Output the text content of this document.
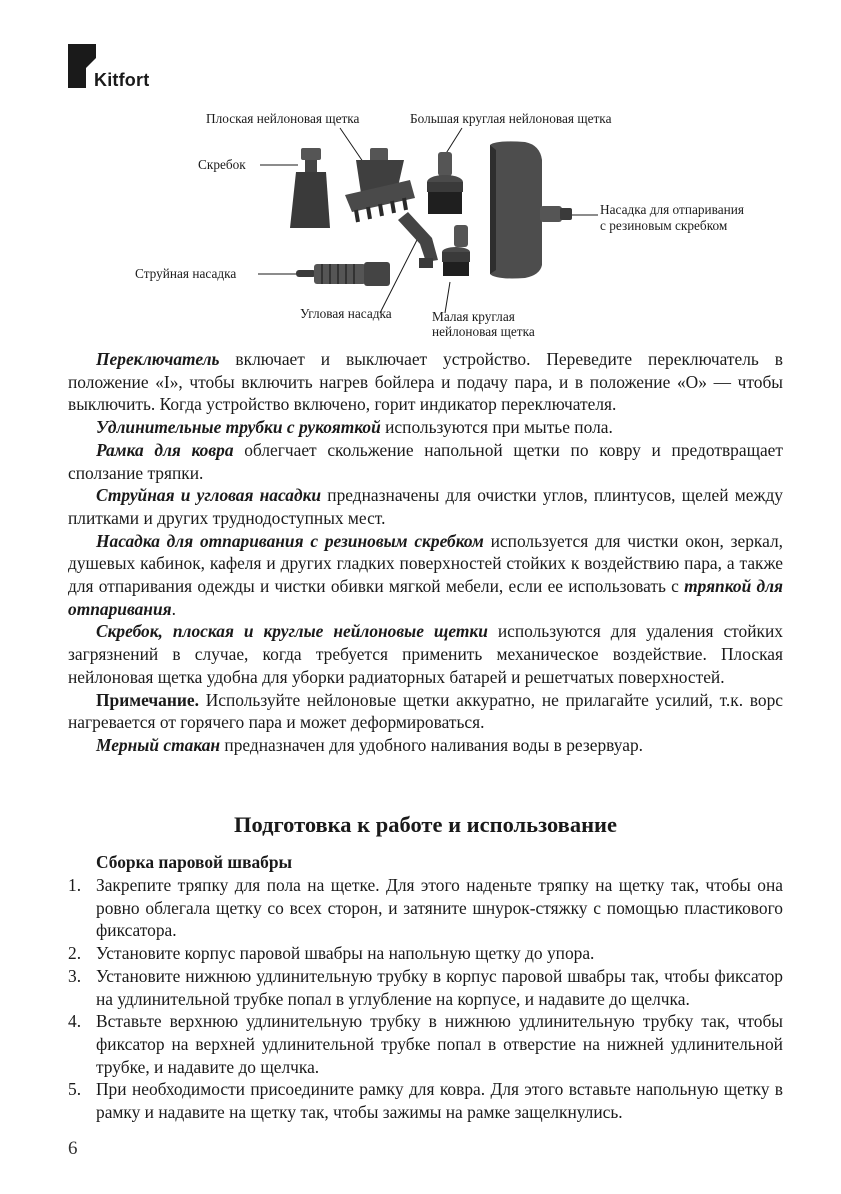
Kitfort
Плоская нейлоновая щетка	Большая круглая нейлоновая щетка
Скребок
Насадка для отпаривания
с резиновым скребком
Струйная насадка
Угловая насадка	Малая круглая
нейлоновая щетка

Переключатель включает и выключает устройство. Переведите переключатель в положение «I», чтобы включить нагрев бойлера и подачу пара, и в положение «O» — чтобы выключить. Когда устройство включено, горит индикатор переключателя.

Удлинительные трубки с рукояткой используются при мытье пола.

Рамка для ковра облегчает скольжение напольной щетки по ковру и предотвращает сползание тряпки.

Струйная и угловая насадки предназначены для очистки углов, плинтусов, щелей между плитками и других труднодоступных мест.

Насадка для отпаривания с резиновым скребком используется для чистки окон, зеркал, душевых кабинок, кафеля и других гладких поверхностей стойких к воздействию пара, а также для отпаривания одежды и чистки обивки мягкой мебели, если ее использовать с тряпкой для отпаривания.

Скребок, плоская и круглые нейлоновые щетки используются для удаления стойких загрязнений в случае, когда требуется применить механическое воздействие. Плоская нейлоновая щетка удобна для уборки радиаторных батарей и решетчатых поверхностей.

Примечание. Используйте нейлоновые щетки аккуратно, не прилагайте усилий, т.к. ворс нагревается от горячего пара и может деформироваться.

Мерный стакан предназначен для удобного наливания воды в резервуар.

Подготовка к работе и использование
Сборка паровой швабры
1. Закрепите тряпку для пола на щетке. Для этого наденьте тряпку на щетку так, чтобы она ровно облегала щетку со всех сторон, и затяните шнурок-стяжку с помощью пластикового фиксатора.
2. Установите корпус паровой швабры на напольную щетку до упора.
3. Установите нижнюю удлинительную трубку в корпус паровой швабры так, чтобы фиксатор на удлинительной трубке попал в углубление на корпусе, и надавите до щелчка.
4. Вставьте верхнюю удлинительную трубку в нижнюю удлинительную трубку так, чтобы фиксатор на верхней удлинительной трубке попал в отверстие на нижней удлинительной трубке, и надавите до щелчка.
5. При необходимости присоедините рамку для ковра. Для этого вставьте напольную щетку в рамку и надавите на щетку так, чтобы зажимы на рамке защелкнулись.
6
